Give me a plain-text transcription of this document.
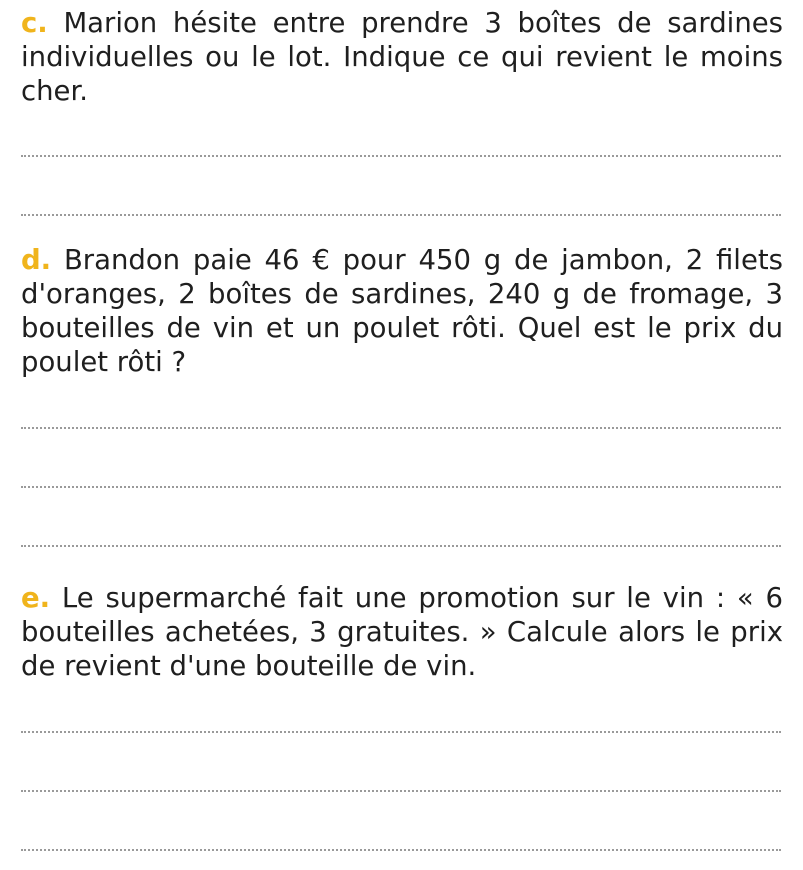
c. Marion hésite entre prendre 3 boîtes de sardines individuelles ou le lot. Indique ce qui revient le moins cher.

d. Brandon paie 46 € pour 450 g de jambon, 2 filets d'oranges, 2 boîtes de sardines, 240 g de fromage, 3 bouteilles de vin et un poulet rôti. Quel est le prix du poulet rôti ?

e. Le supermarché fait une promotion sur le vin : « 6 bouteilles achetées, 3 gratuites. » Calcule alors le prix de revient d'une bouteille de vin.
